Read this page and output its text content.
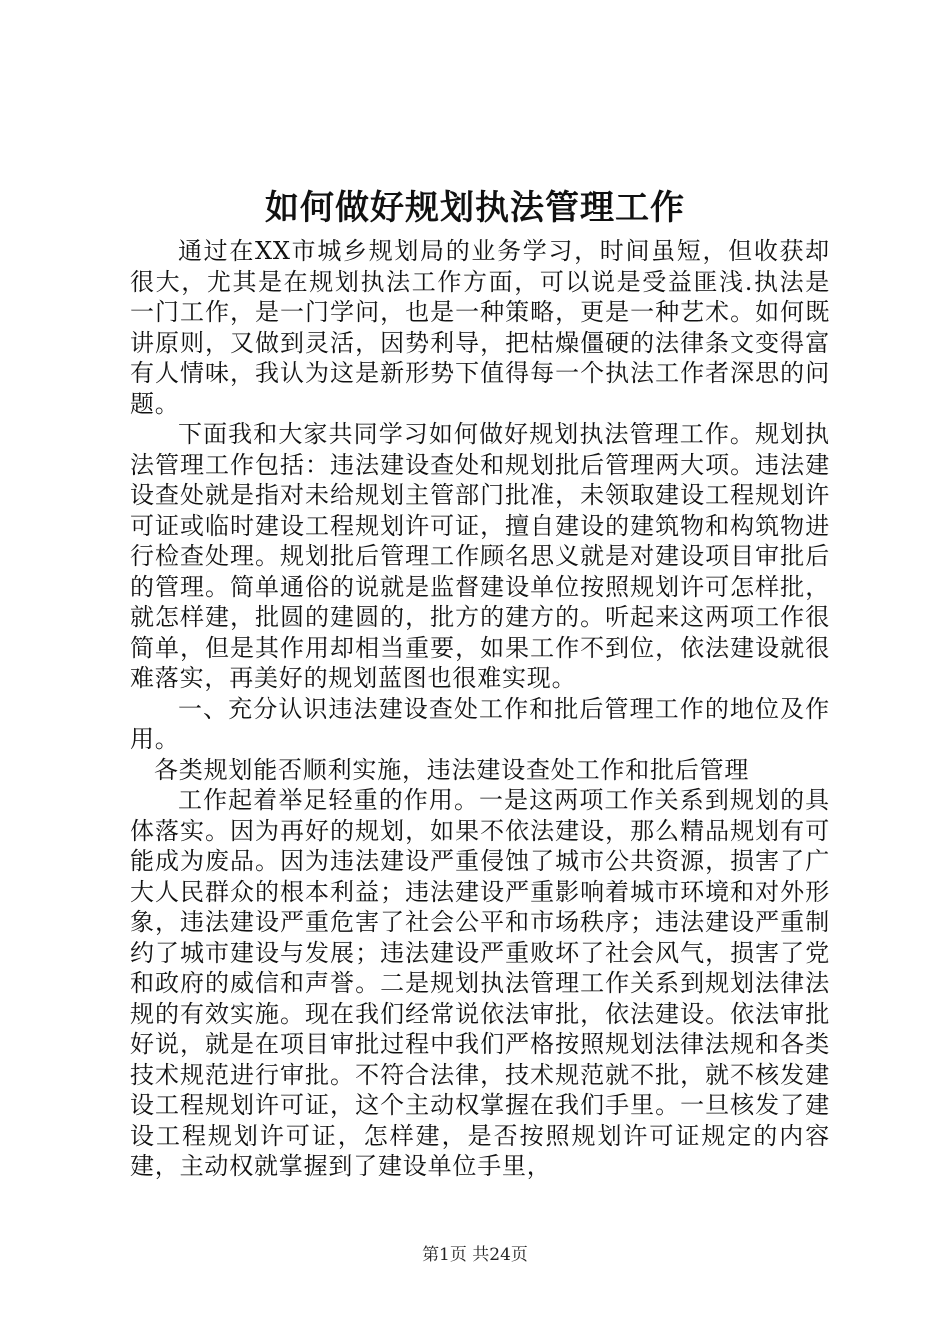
如何做好规划执法管理工作

通过在XX市城乡规划局的业务学习，时间虽短，但收获却很大，尤其是在规划执法工作方面，可以说是受益匪浅.执法是一门工作，是一门学问，也是一种策略，更是一种艺术。如何既讲原则，又做到灵活，因势利导，把枯燥僵硬的法律条文变得富有人情味，我认为这是新形势下值得每一个执法工作者深思的问题。

下面我和大家共同学习如何做好规划执法管理工作。规划执法管理工作包括：违法建设查处和规划批后管理两大项。违法建设查处就是指对未给规划主管部门批准，未领取建设工程规划许可证或临时建设工程规划许可证，擅自建设的建筑物和构筑物进行检查处理。规划批后管理工作顾名思义就是对建设项目审批后的管理。简单通俗的说就是监督建设单位按照规划许可怎样批，就怎样建，批圆的建圆的，批方的建方的。听起来这两项工作很简单，但是其作用却相当重要，如果工作不到位，依法建设就很难落实，再美好的规划蓝图也很难实现。

一、充分认识违法建设查处工作和批后管理工作的地位及作用。

各类规划能否顺利实施，违法建设查处工作和批后管理

工作起着举足轻重的作用。一是这两项工作关系到规划的具体落实。因为再好的规划，如果不依法建设，那么精品规划有可能成为废品。因为违法建设严重侵蚀了城市公共资源，损害了广大人民群众的根本利益；违法建设严重影响着城市环境和对外形象，违法建设严重危害了社会公平和市场秩序；违法建设严重制约了城市建设与发展；违法建设严重败坏了社会风气，损害了党和政府的威信和声誉。二是规划执法管理工作关系到规划法律法规的有效实施。现在我们经常说依法审批，依法建设。依法审批好说，就是在项目审批过程中我们严格按照规划法律法规和各类技术规范进行审批。不符合法律，技术规范就不批，就不核发建设工程规划许可证，这个主动权掌握在我们手里。一旦核发了建设工程规划许可证，怎样建，是否按照规划许可证规定的内容建，主动权就掌握到了建设单位手里，

第1页 共24页
